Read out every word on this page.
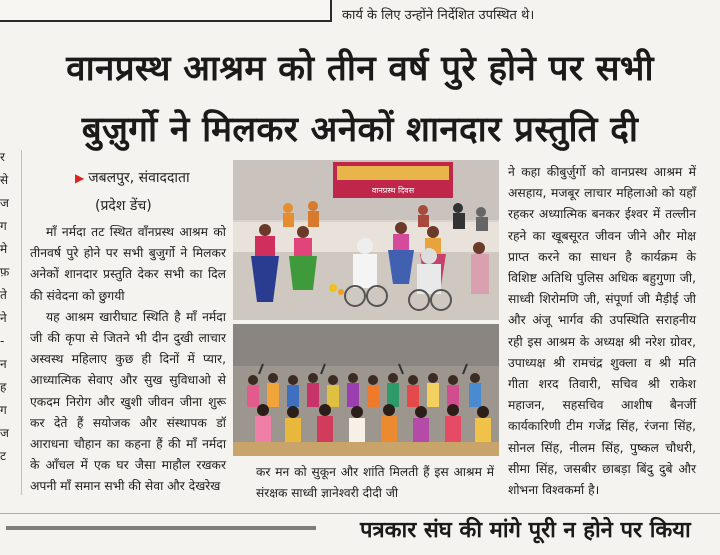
कार्य के लिए उन्होंने निर्देशित उपस्थित थे।
वानप्रस्थ आश्रम को तीन वर्ष पुरे होने पर सभी
बुज़ुर्गो ने मिलकर अनेकों शानदार प्रस्तुति दी
र
से
ज
ग
मे
फ़
ते
ने
-
न
ह
ग
ज
ट
▶ जबलपुर, संवाददाता
(प्रदेश डेंच)

माँ नर्मदा तट स्थित वाँनप्रस्थ आश्रम को तीनवर्ष पुरे होने पर सभी बुजुर्गो ने मिलकर अनेकों शानदार प्रस्तुति देकर सभी का दिल की संवेदना को छुगयी

यह आश्रम खारीघाट स्थिति है माँ नर्मदा जी की कृपा से जितने भी दीन दुखी लाचार अस्वस्थ महिलाए कुछ ही दिनों में प्यार, आध्यात्मिक सेवाए और सुख सुविधाओ से एकदम निरोग और खुशी जीवन जीना शुरू कर देते हैं सयोजक और संस्थापक डॉ आराधना चौहान का कहना हैं की माँ नर्मदा के आँचल में एक घर जैसा माहौल रखकर अपनी माँ समान सभी की सेवा और देखरेख

वानप्रस्थ दिवस

कर मन को सुकून और शांति मिलती हैं इस आश्रम में संरक्षक साध्वी ज्ञानेश्वरी दीदी जी

ने कहा कीबुर्ज़ुर्गो को वानप्रस्थ आश्रम में असहाय, मजबूर लाचार महिलाओ को यहाँ रहकर अध्यात्मिक बनकर ईश्वर में तल्लीन रहने का खूबसूरत जीवन जीने और मोक्ष प्राप्त करने का साधन है कार्यक्रम के विशिष्ट अतिथि पुलिस अधिक बहुगुणा जी, साध्वी शिरोमणि जी, संपूर्णा जी मैड़ीई जी और अंजू भार्गव की उपस्थिति सराहनीय रही इस आश्रम के अध्यक्ष श्री नरेश ग्रोवर, उपाध्यक्ष श्री रामचंद्र शुक्ला व श्री मति गीता शरद तिवारी, सचिव श्री राकेश महाजन, सहसचिव आशीष बैनर्जी कार्यकारिणी टीम गजेंद्र सिंह, रंजना सिंह, सोनल सिंह, नीलम सिंह, पुष्कल चौधरी, सीमा सिंह, जसबीर छाबड़ा बिंदु दुबे और शोभना विश्वकर्मा है।

पत्रकार संघ की मांगे पूरी न होने पर किया
